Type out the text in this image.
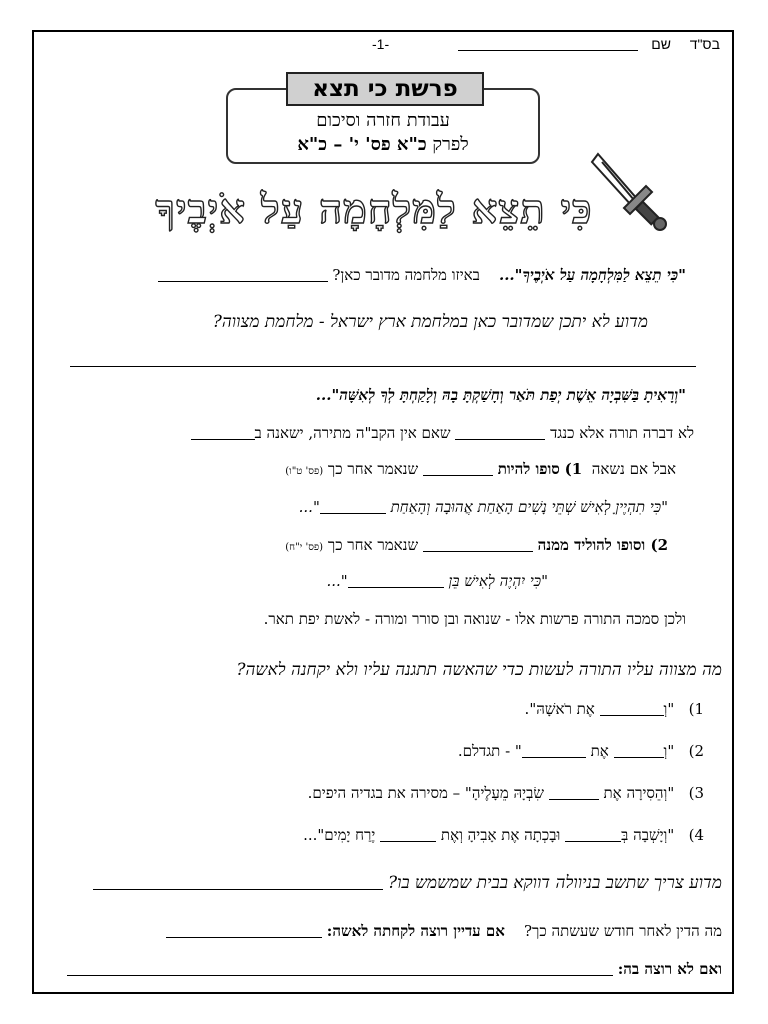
בס"ד
שם
-1-
פרשת כי תצא
עבודת חזרה וסיכום
לפרק כ"א פס' י' – כ"א
כִּי תֵצֵא לַמִּלְחָמָה עַל אֹיְבֶיךָ
"כִּי תֵצֵא לַמִּלְחָמָה עַל אֹיְבֶיךָ"...    באיזו מלחמה מדובר כאן?
מדוע לא יתכן שמדובר כאן במלחמת ארץ ישראל - מלחמת מצווה?
"וְרָאִיתָ בַּשִּׁבְיָה אֵשֶׁת יְפַת תֹּאַר וְחָשַׁקְתָּ בָהּ וְלָקַחְתָּ לְךָ לְאִשָּׁה"...
לא דברה תורה אלא כנגד  שאם אין הקב"ה מתירה, ישאנה ב
אבל אם נשאה  1) סופו להיות  שנאמר אחר כך (פס' ט"ו)
"כִּי תִהְיֶיןָ לְאִישׁ שְׁתֵּי נָשִׁים הָאַחַת אֲהוּבָה וְהָאַחַת "...
2) וסופו להוליד ממנה  שנאמר אחר כך (פס' י"ח)
"כִּי יִהְיֶה לְאִישׁ בֵּן "...
ולכן סמכה התורה פרשות אלו - שנואה ובן סורר ומורה - לאשת יפת תאר.
מה מצווה עליו התורה לעשות כדי שהאשה תתגנה עליו ולא יקחנה לאשה?
1)   "וְ אֶת רֹאשָׁהּ".
2)   "וְ אֶת " - תגדלם.
3)   "וְהֵסִירָה אֶת  שִׂבְיָהּ מֵעָלֶיהָ" – מסירה את בגדיה היפים.
4)   "וְיָשְׁבָה בְּ וּבָכְתָה אֶת אָבִיהָ וְאֶת  יֶרַח יָמִים"...
מדוע צריך שתשב בניוולה דווקא בבית שמשמש בו?
מה הדין לאחר חודש שעשתה כך?    אם עדיין רוצה לקחתה לאשה:
ואם לא רוצה בה:
